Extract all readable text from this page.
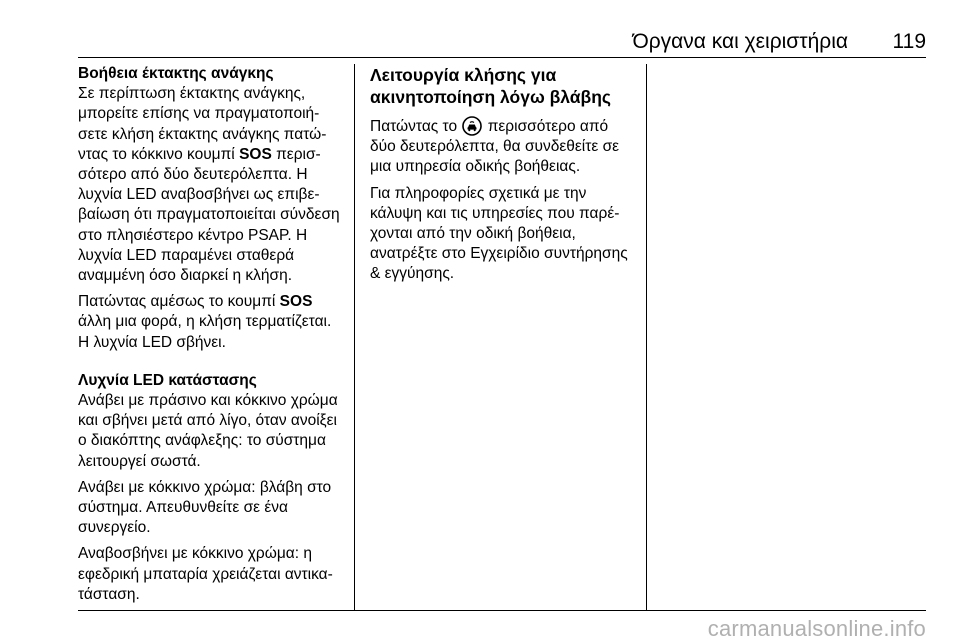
Όργανα και χειριστήρια 119
Βοήθεια έκτακτης ανάγκης

Σε περίπτωση έκτακτης ανάγκης, μπορείτε επίσης να πραγματοποιή-σετε κλήση έκτακτης ανάγκης πατώ-ντας το κόκκινο κουμπί SOS περισ-σότερο από δύο δευτερόλεπτα. Η λυχνία LED αναβοσβήνει ως επιβε-βαίωση ότι πραγματοποιείται σύνδεση στο πλησιέστερο κέντρο PSAP. Η λυχνία LED παραμένει σταθερά αναμμένη όσο διαρκεί η κλήση.

Πατώντας αμέσως το κουμπί SOS άλλη μια φορά, η κλήση τερματίζεται. Η λυχνία LED σβήνει.

Λυχνία LED κατάστασης

Ανάβει με πράσινο και κόκκινο χρώμα και σβήνει μετά από λίγο, όταν ανοίξει ο διακόπτης ανάφλεξης: το σύστημα λειτουργεί σωστά.

Ανάβει με κόκκινο χρώμα: βλάβη στο σύστημα. Απευθυνθείτε σε ένα συνεργείο.

Αναβοσβήνει με κόκκινο χρώμα: η εφεδρική μπαταρία χρειάζεται αντικα-τάσταση.

Λειτουργία κλήσης για ακινητοποίηση λόγω βλάβης

Πατώντας το περισσότερο από δύο δευτερόλεπτα, θα συνδεθείτε σε μια υπηρεσία οδικής βοήθειας.

Για πληροφορίες σχετικά με την κάλυψη και τις υπηρεσίες που παρέ-χονται από την οδική βοήθεια, ανατρέξτε στο Εγχειρίδιο συντήρησης & εγγύησης.

carmanualsonline.info
